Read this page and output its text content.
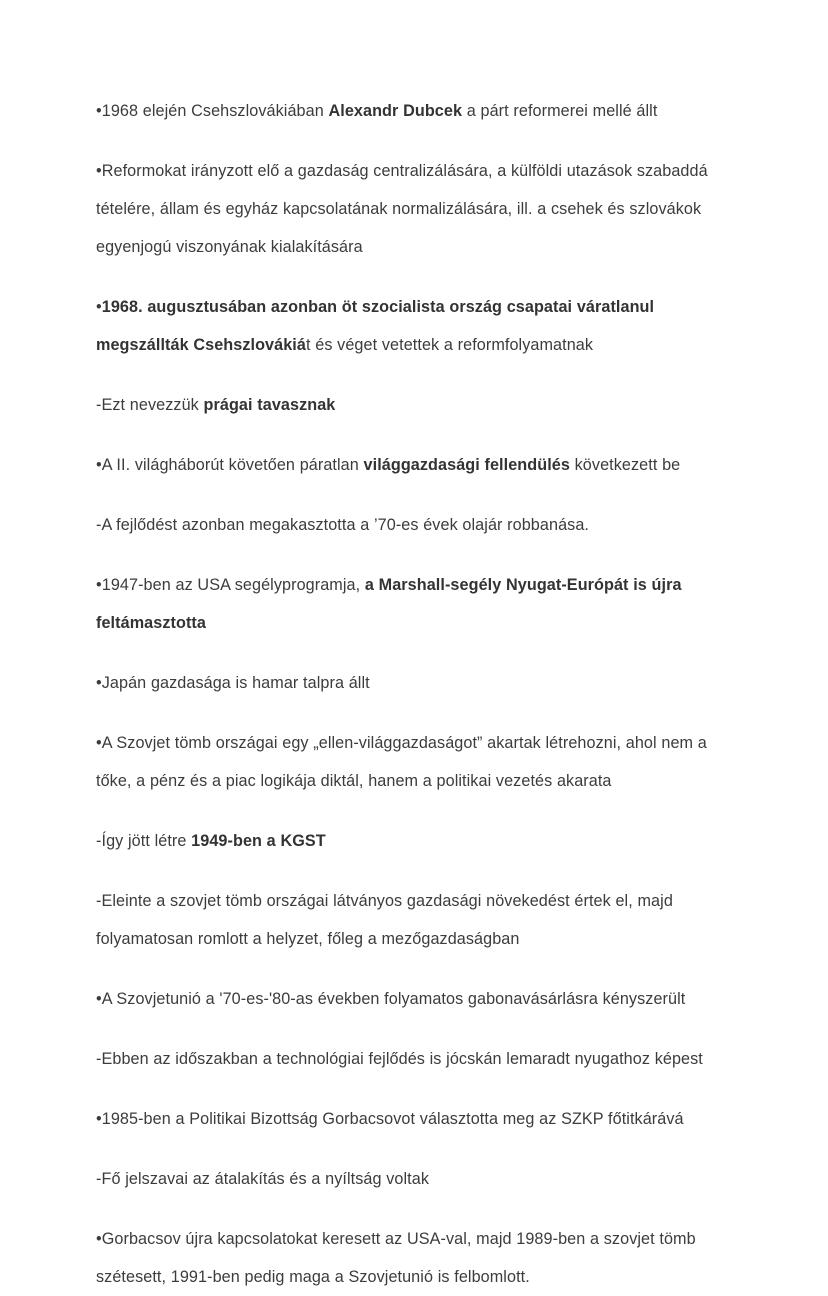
•1968 elején Csehszlovákiában Alexandr Dubcek a párt reformerei mellé állt

•Reformokat irányzott elő a gazdaság centralizálására, a külföldi utazások szabaddá tételére, állam és egyház kapcsolatának normalizálására, ill. a csehek és szlovákok egyenjogú viszonyának kialakítására

•1968. augusztusában azonban öt szocialista ország csapatai váratlanul megszállták Csehszlovákiát és véget vetettek a reformfolyamatnak

-Ezt nevezzük prágai tavasznak

•A II. világháborút követően páratlan világgazdasági fellendülés következett be

-A fejlődést azonban megakasztotta a ’70-es évek olajár robbanása.

•1947-ben az USA segélyprogramja, a Marshall-segély Nyugat-Európát is újra feltámasztotta

•Japán gazdasága is hamar talpra állt

•A Szovjet tömb országai egy „ellen-világgazdaságot” akartak létrehozni, ahol nem a tőke, a pénz és a piac logikája diktál, hanem a politikai vezetés akarata

-Így jött létre 1949-ben a KGST

-Eleinte a szovjet tömb országai látványos gazdasági növekedést értek el, majd folyamatosan romlott a helyzet, főleg a mezőgazdaságban

•A Szovjetunió a '70-es-'80-as években folyamatos gabonavásárlásra kényszerült

-Ebben az időszakban a technológiai fejlődés is jócskán lemaradt nyugathoz képest

•1985-ben a Politikai Bizottság Gorbacsovot választotta meg az SZKP főtitkárává

-Fő jelszavai az átalakítás és a nyíltság voltak

•Gorbacsov újra kapcsolatokat keresett az USA-val, majd 1989-ben a szovjet tömb szétesett, 1991-ben pedig maga a Szovjetunió is felbomlott.
